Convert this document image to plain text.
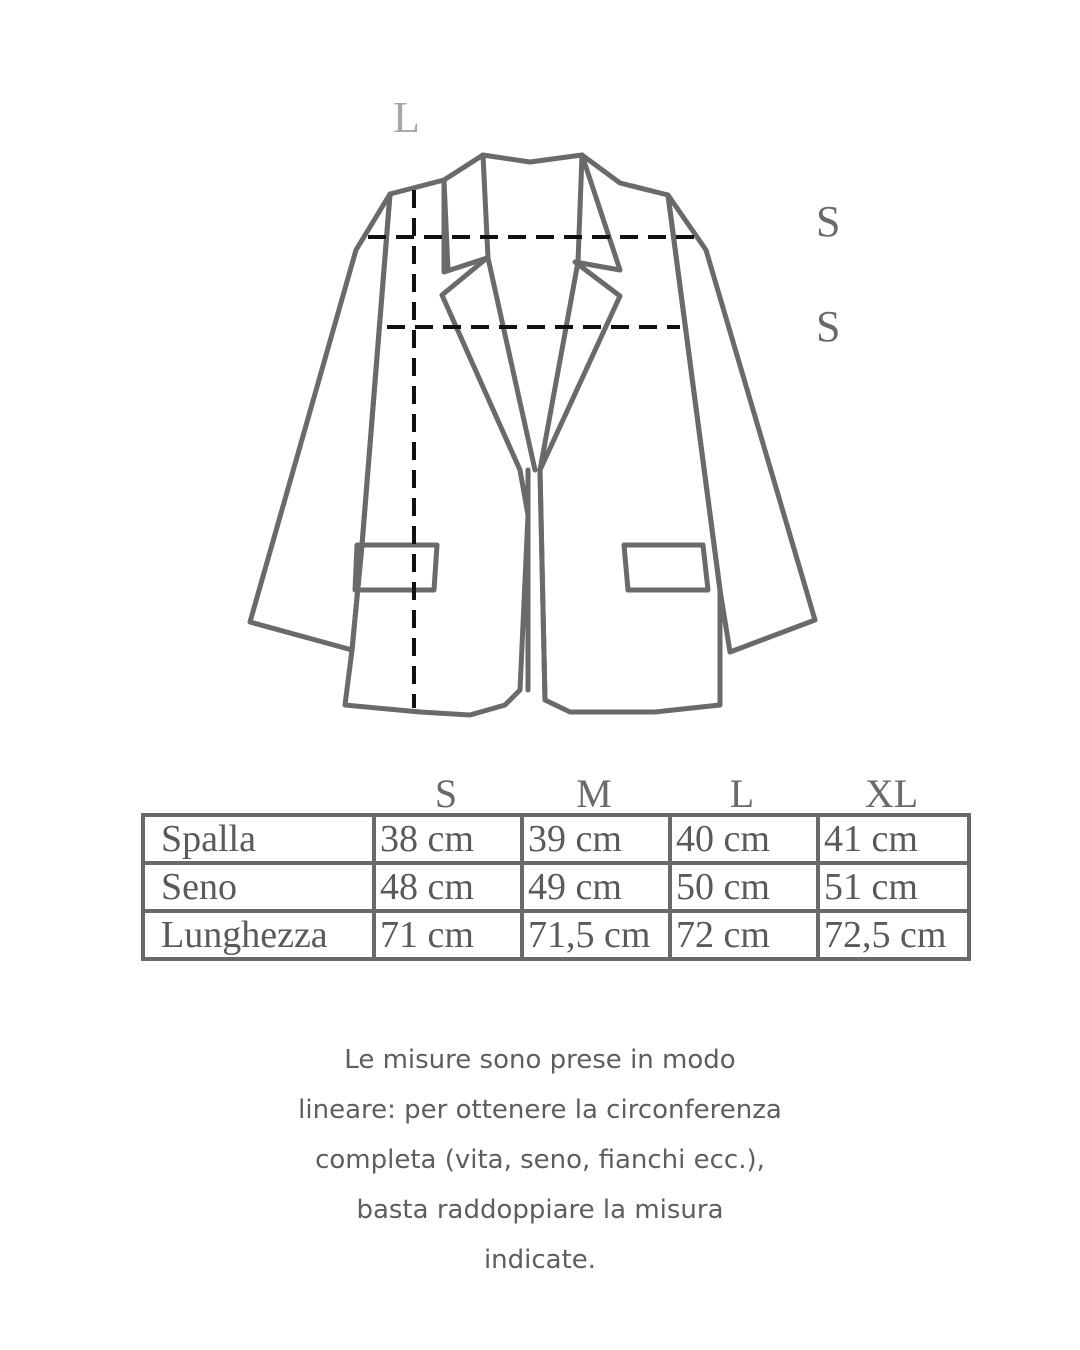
L
S
S
S	M	L	XL
Spalla	38 cm	39 cm	40 cm	41 cm
Seno	48 cm	49 cm	50 cm	51 cm
Lunghezza	71 cm	71,5 cm	72 cm	72,5 cm
Le misure sono prese in modo
lineare: per ottenere la circonferenza
completa (vita, seno, fianchi ecc.),
basta raddoppiare la misura
indicate.
